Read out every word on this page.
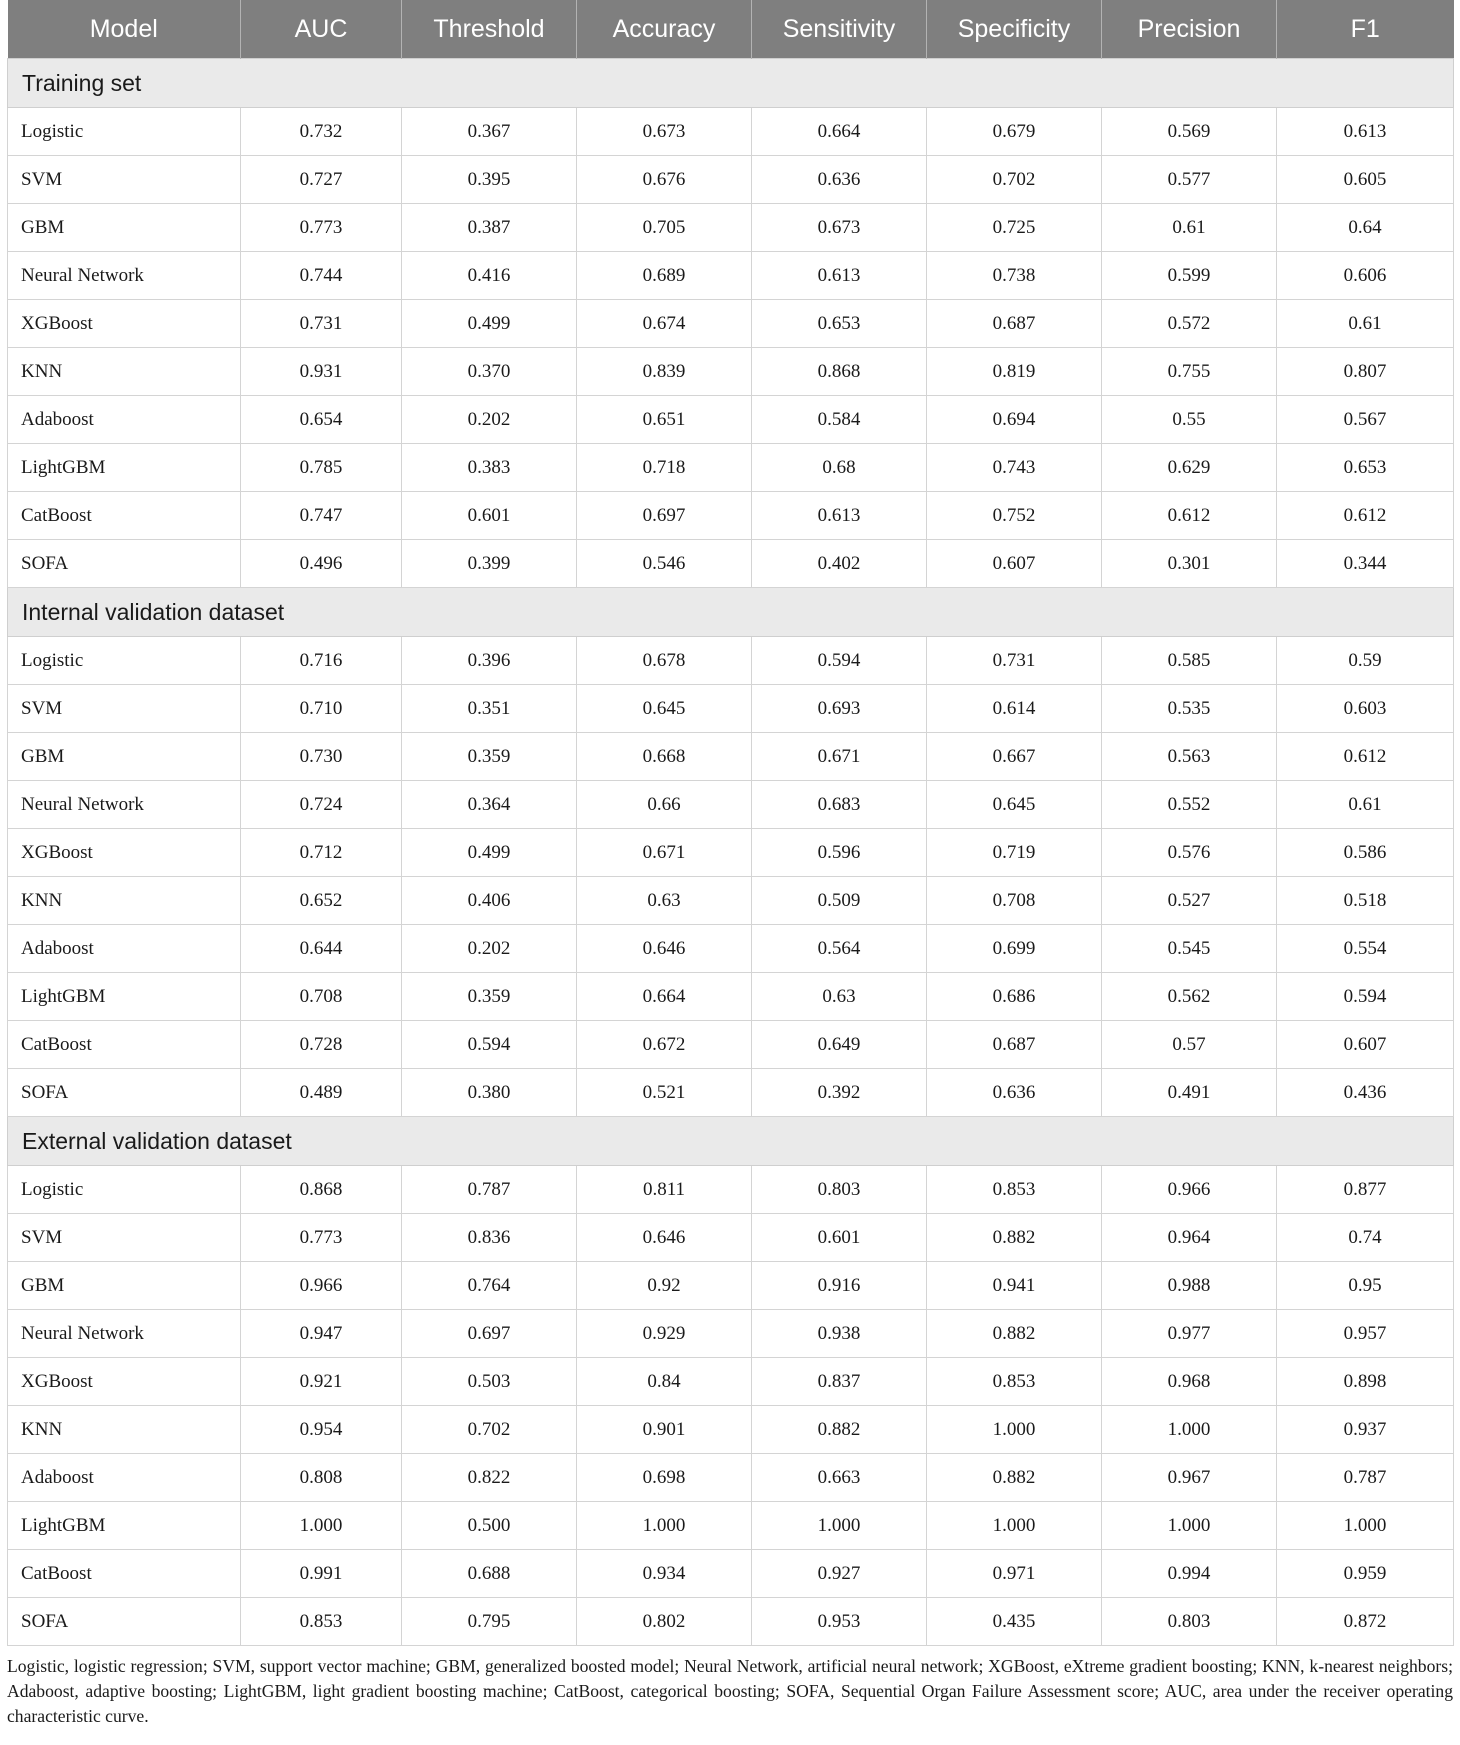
Model	AUC	Threshold	Accuracy	Sensitivity	Specificity	Precision	F1
Training set							
Logistic	0.732	0.367	0.673	0.664	0.679	0.569	0.613
SVM	0.727	0.395	0.676	0.636	0.702	0.577	0.605
GBM	0.773	0.387	0.705	0.673	0.725	0.61	0.64
Neural Network	0.744	0.416	0.689	0.613	0.738	0.599	0.606
XGBoost	0.731	0.499	0.674	0.653	0.687	0.572	0.61
KNN	0.931	0.370	0.839	0.868	0.819	0.755	0.807
Adaboost	0.654	0.202	0.651	0.584	0.694	0.55	0.567
LightGBM	0.785	0.383	0.718	0.68	0.743	0.629	0.653
CatBoost	0.747	0.601	0.697	0.613	0.752	0.612	0.612
SOFA	0.496	0.399	0.546	0.402	0.607	0.301	0.344
Internal validation dataset							
Logistic	0.716	0.396	0.678	0.594	0.731	0.585	0.59
SVM	0.710	0.351	0.645	0.693	0.614	0.535	0.603
GBM	0.730	0.359	0.668	0.671	0.667	0.563	0.612
Neural Network	0.724	0.364	0.66	0.683	0.645	0.552	0.61
XGBoost	0.712	0.499	0.671	0.596	0.719	0.576	0.586
KNN	0.652	0.406	0.63	0.509	0.708	0.527	0.518
Adaboost	0.644	0.202	0.646	0.564	0.699	0.545	0.554
LightGBM	0.708	0.359	0.664	0.63	0.686	0.562	0.594
CatBoost	0.728	0.594	0.672	0.649	0.687	0.57	0.607
SOFA	0.489	0.380	0.521	0.392	0.636	0.491	0.436
External validation dataset							
Logistic	0.868	0.787	0.811	0.803	0.853	0.966	0.877
SVM	0.773	0.836	0.646	0.601	0.882	0.964	0.74
GBM	0.966	0.764	0.92	0.916	0.941	0.988	0.95
Neural Network	0.947	0.697	0.929	0.938	0.882	0.977	0.957
XGBoost	0.921	0.503	0.84	0.837	0.853	0.968	0.898
KNN	0.954	0.702	0.901	0.882	1.000	1.000	0.937
Adaboost	0.808	0.822	0.698	0.663	0.882	0.967	0.787
LightGBM	1.000	0.500	1.000	1.000	1.000	1.000	1.000
CatBoost	0.991	0.688	0.934	0.927	0.971	0.994	0.959
SOFA	0.853	0.795	0.802	0.953	0.435	0.803	0.872
Logistic, logistic regression; SVM, support vector machine; GBM, generalized boosted model; Neural Network, artificial neural network; XGBoost, eXtreme gradient boosting; KNN, k-nearest neighbors; Adaboost, adaptive boosting; LightGBM, light gradient boosting machine; CatBoost, categorical boosting; SOFA, Sequential Organ Failure Assessment score; AUC, area under the receiver operating characteristic curve.
